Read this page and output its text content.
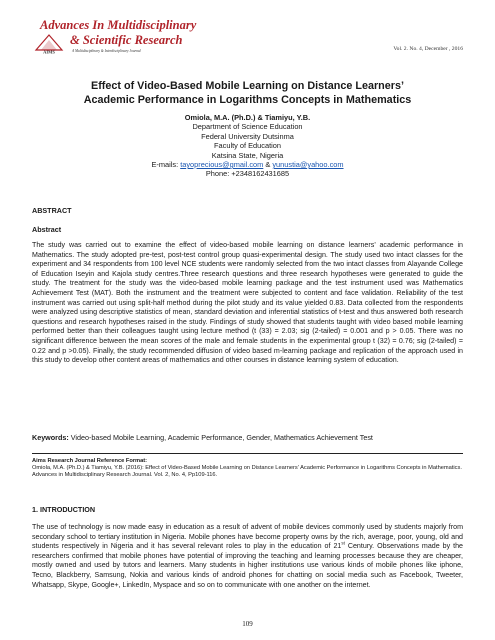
AIMS
Advances In Multidisciplinary
& Scientific Research
A Multidisciplinary & Interdisciplinary Journal	Vol. 2. No. 4, December , 2016
Effect of Video-Based Mobile Learning on Distance Learners’
Academic Performance in Logarithms Concepts in Mathematics
Omiola, M.A. (Ph.D.) & Tiamiyu, Y.B.
Department of Science Education
Federal University Dutsinma
Faculty of Education
Katsina State, Nigeria
E-mails: tayoprecious@gmail.com & yunustia@yahoo.com
Phone: +2348162431685
ABSTRACT
Abstract

The study was carried out to examine the effect of video-based mobile learning on distance learners’ academic performance in Mathematics. The study adopted pre-test, post-test control group quasi-experimental design. The study used two intact classes for the experiment and 34 respondents from 100 level NCE students were randomly selected from the two intact classes from Alayande College of Education Iseyin and Kajola study centres.Three research questions and three research hypotheses were generated to guide the study. The treatment for the study was the video-based mobile learning package and the test instrument used was Mathematics Achievement Test (MAT). Both the instrument and the treatment were subjected to content and face validation. Reliability of the test instrument was carried out using split-half method during the pilot study and its value yielded 0.83. Data collected from the respondents were analyzed using descriptive statistics of mean, standard deviation and inferential statistics of t-test and thus answered both research questions and research hypotheses raised in the study. Findings of study showed that students taught with video based mobile learning performed better than their colleagues taught using lecture method (t (33) = 2.03; sig (2-tailed) = 0.001 and p > 0.05. There was no significant difference between the mean scores of the male and female students in the experimental group t (32) = 0.76; sig (2-tailed) = 0.22 and p >0.05). Finally, the study recommended diffusion of video based m-learning package and replication of the approach used in this study to develop other content areas of mathematics and other courses in distance learning system of education.

Keywords: Video-based Mobile Learning, Academic Performance, Gender, Mathematics Achievement Test

Aims Research Journal Reference Format:

Omiola, M.A. (Ph.D.) & Tiamiyu, Y.B. (2016): Effect of Video-Based Mobile Learning on Distance Learners’ Academic Performance in Logarithms Concepts in Mathematics. Advances in Multidisciplinary Research Journal. Vol. 2, No. 4, Pp109-116.

1. INTRODUCTION

The use of technology is now made easy in education as a result of advent of mobile devices commonly used by students majorly from secondary school to tertiary institution in Nigeria. Mobile phones have become property owns by the rich, average, poor, young, old and students respectively in Nigeria and it has several relevant roles to play in the education of 21st Century. Observations made by the researchers confirmed that mobile phones have potential of improving the teaching and learning processes because they are cheaper, mostly owned and used by tutors and learners. Many students in higher institutions use various kinds of mobile phones like iphone, Tecno, Blackberry, Samsung, Nokia and various kinds of android phones for chatting on social media such as Facebook, Tweeter, Whatsapp, Skype, Google+, LinkedIn, Myspace and so on to communicate with one another on the internet.

109
